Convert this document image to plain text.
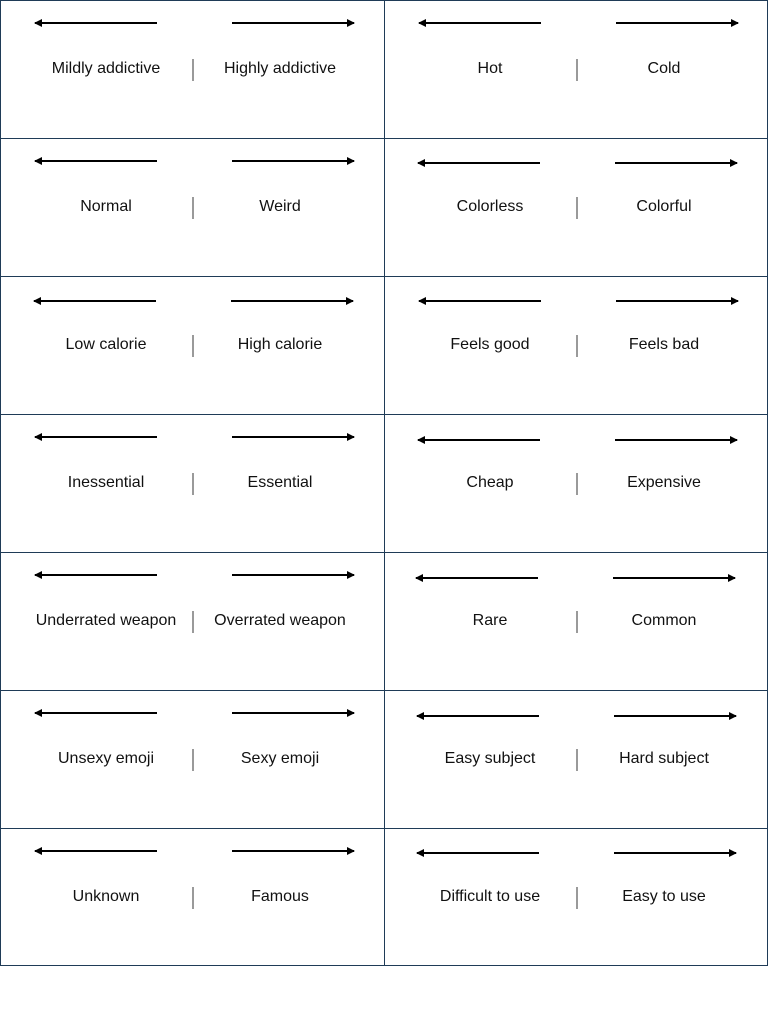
Mildly addictive	Highly addictive	Hot	Cold
Normal	Weird	Colorless	Colorful
Low calorie	High calorie	Feels good	Feels bad
Inessential	Essential	Cheap	Expensive
Underrated weapon	Overrated weapon	Rare	Common
Unsexy emoji	Sexy emoji	Easy subject	Hard subject
Unknown	Famous	Difficult to use	Easy to use
